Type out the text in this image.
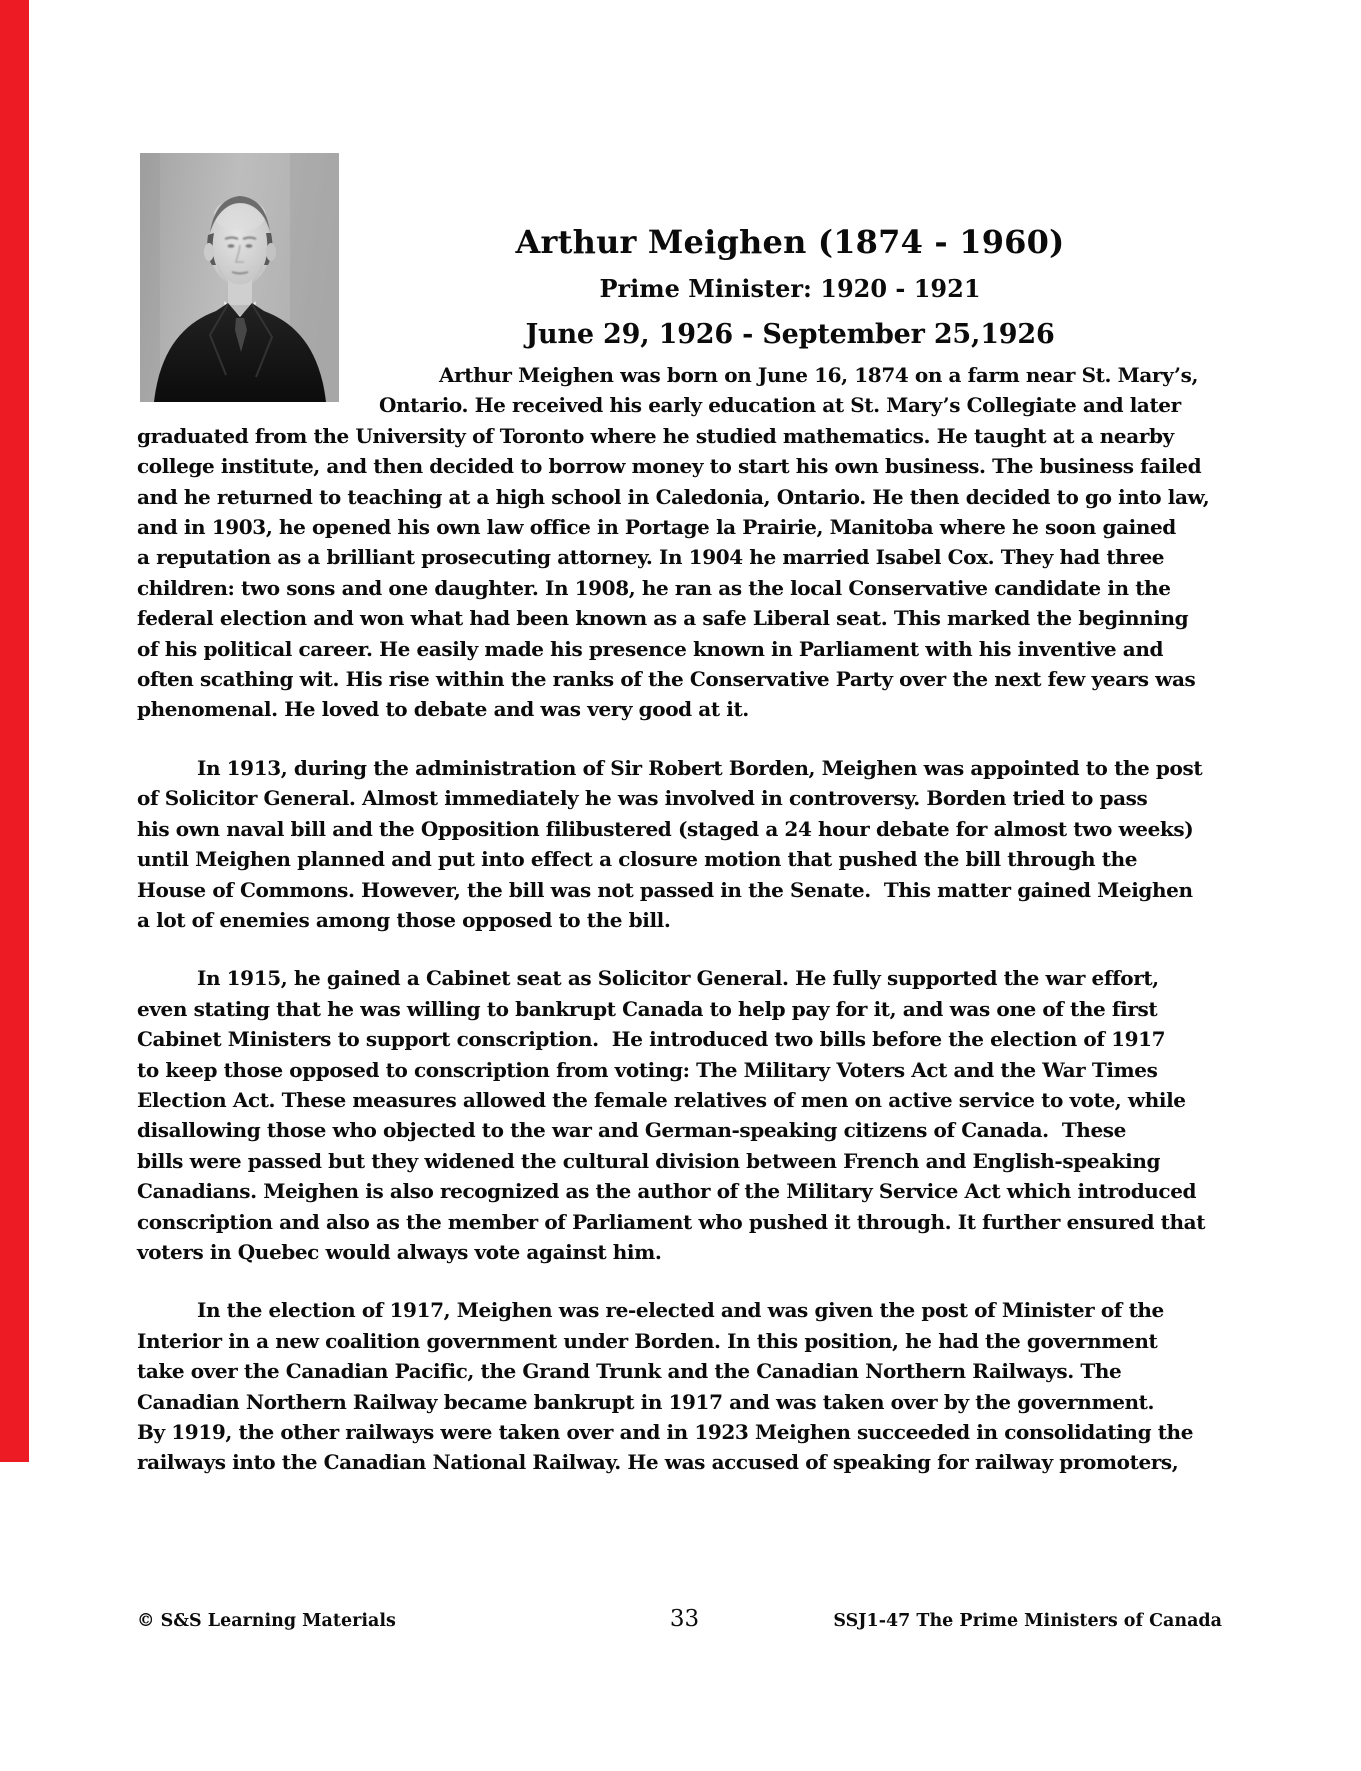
Arthur Meighen (1874 - 1960)
Prime Minister: 1920 - 1921
June 29, 1926 - September 25,1926
Arthur Meighen was born on June 16, 1874 on a farm near St. Mary’s,
Ontario. He received his early education at St. Mary’s Collegiate and later
graduated from the University of Toronto where he studied mathematics. He taught at a nearby
college institute, and then decided to borrow money to start his own business. The business failed
and he returned to teaching at a high school in Caledonia, Ontario. He then decided to go into law,
and in 1903, he opened his own law office in Portage la Prairie, Manitoba where he soon gained
a reputation as a brilliant prosecuting attorney. In 1904 he married Isabel Cox. They had three
children: two sons and one daughter. In 1908, he ran as the local Conservative candidate in the
federal election and won what had been known as a safe Liberal seat. This marked the beginning
of his political career. He easily made his presence known in Parliament with his inventive and
often scathing wit. His rise within the ranks of the Conservative Party over the next few years was
phenomenal. He loved to debate and was very good at it.
In 1913, during the administration of Sir Robert Borden, Meighen was appointed to the post
of Solicitor General. Almost immediately he was involved in controversy. Borden tried to pass
his own naval bill and the Opposition filibustered (staged a 24 hour debate for almost two weeks)
until Meighen planned and put into effect a closure motion that pushed the bill through the
House of Commons. However, the bill was not passed in the Senate.  This matter gained Meighen
a lot of enemies among those opposed to the bill.
In 1915, he gained a Cabinet seat as Solicitor General. He fully supported the war effort,
even stating that he was willing to bankrupt Canada to help pay for it, and was one of the first
Cabinet Ministers to support conscription.  He introduced two bills before the election of 1917
to keep those opposed to conscription from voting: The Military Voters Act and the War Times
Election Act. These measures allowed the female relatives of men on active service to vote, while
disallowing those who objected to the war and German-speaking citizens of Canada.  These
bills were passed but they widened the cultural division between French and English-speaking
Canadians. Meighen is also recognized as the author of the Military Service Act which introduced
conscription and also as the member of Parliament who pushed it through. It further ensured that
voters in Quebec would always vote against him.
In the election of 1917, Meighen was re-elected and was given the post of Minister of the
Interior in a new coalition government under Borden. In this position, he had the government
take over the Canadian Pacific, the Grand Trunk and the Canadian Northern Railways. The
Canadian Northern Railway became bankrupt in 1917 and was taken over by the government.
By 1919, the other railways were taken over and in 1923 Meighen succeeded in consolidating the
railways into the Canadian National Railway. He was accused of speaking for railway promoters,
© S&S Learning Materials	33	SSJ1-47 The Prime Ministers of Canada
